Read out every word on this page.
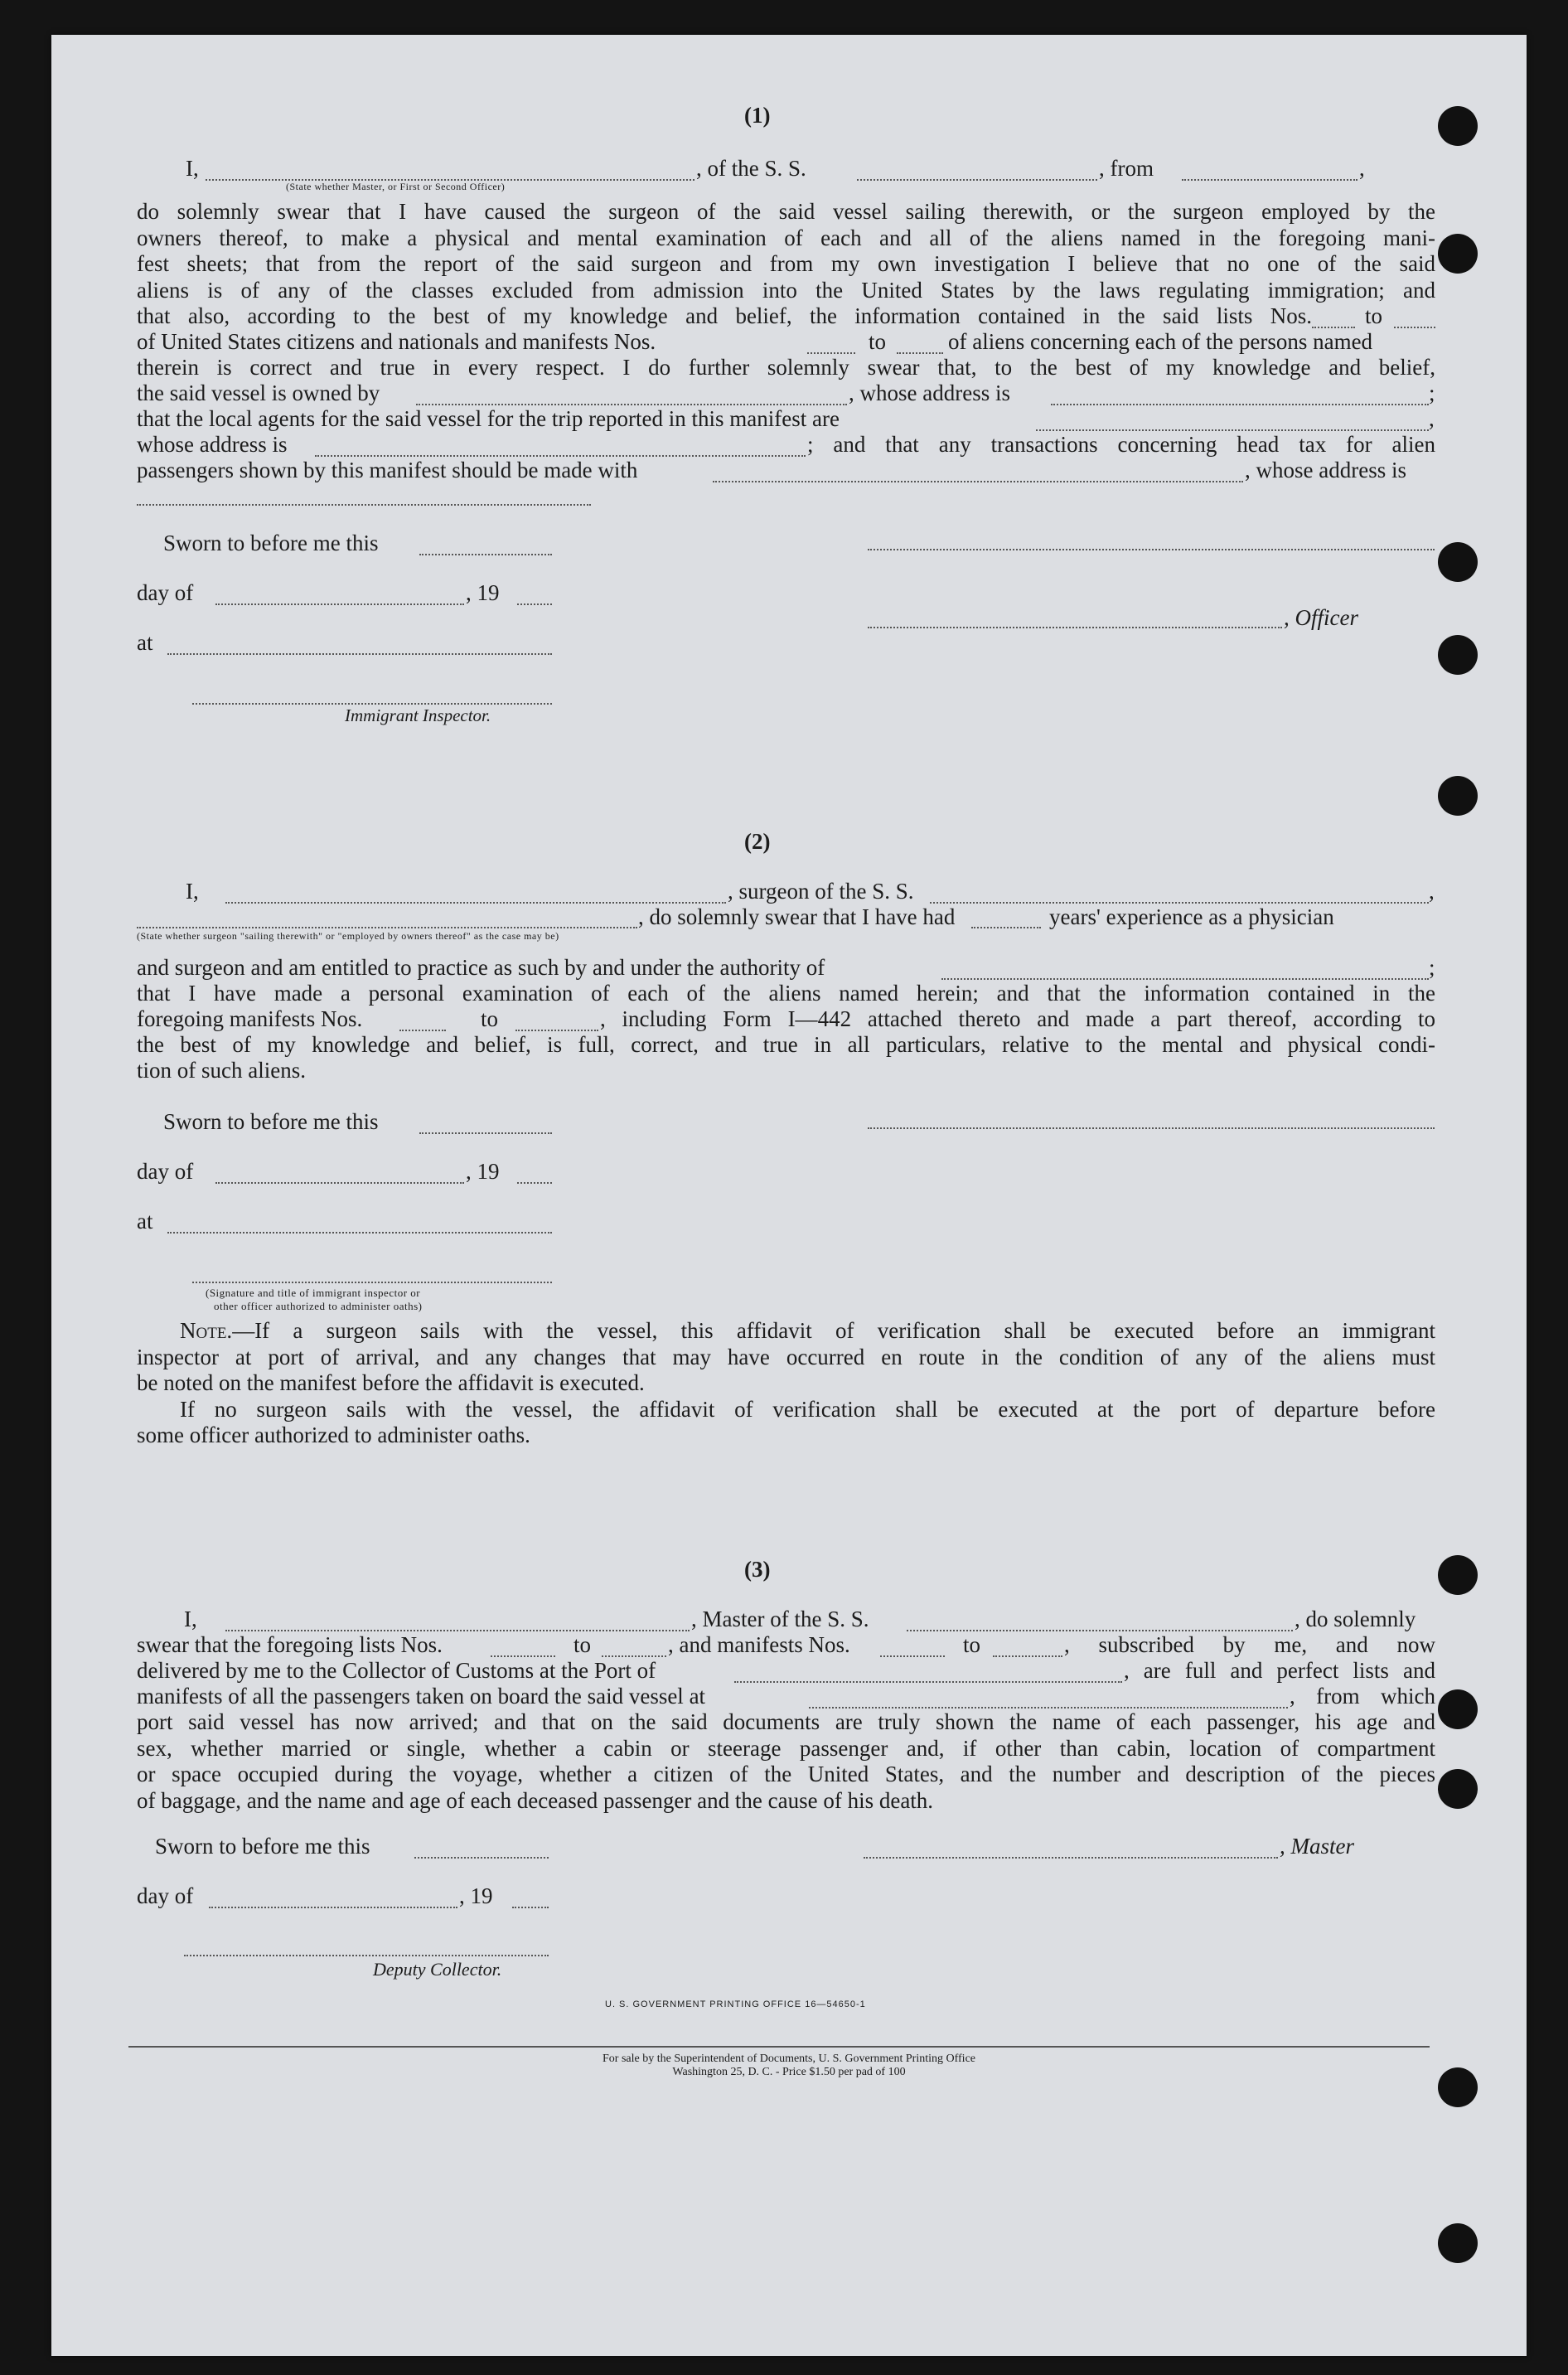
(1)
I,	, of the S. S.	, from	,
(State whether Master, or First or Second Officer)
do solemnly swear that I have caused the surgeon of the said vessel sailing therewith, or the surgeon employed by the
owners thereof, to make a physical and mental examination of each and all of the aliens named in the foregoing mani-
fest sheets; that from the report of the said surgeon and from my own investigation I believe that no one of the said
aliens is of any of the classes excluded from admission into the United States by the laws regulating immigration; and
that also, according to the best of my knowledge and belief, the information contained in the said lists Nos. to
of United States citizens and nationals and manifests Nos.	to	of aliens concerning each of the persons named
therein is correct and true in every respect. I do further solemnly swear that, to the best of my knowledge and belief,
the said vessel is owned by	, whose address is	;
that the local agents for the said vessel for the trip reported in this manifest are	,
whose address is	; and that any transactions concerning head tax for alien
passengers shown by this manifest should be made with	, whose address is
Sworn to before me this
day of	, 19
, Officer
at
Immigrant Inspector.
(2)
I,	, surgeon of the S. S.	,
, do solemnly swear that I have had	years' experience as a physician
(State whether surgeon "sailing therewith" or "employed by owners thereof" as the case may be)
and surgeon and am entitled to practice as such by and under the authority of	;
that I have made a personal examination of each of the aliens named herein; and that the information contained in the
foregoing manifests Nos.	to	, including Form I—442 attached thereto and made a part thereof, according to
the best of my knowledge and belief, is full, correct, and true in all particulars, relative to the mental and physical condi-
tion of such aliens.
Sworn to before me this
day of	, 19
at
(Signature and title of immigrant inspector or
other officer authorized to administer oaths)
Note.—If a surgeon sails with the vessel, this affidavit of verification shall be executed before an immigrant
inspector at port of arrival, and any changes that may have occurred en route in the condition of any of the aliens must
be noted on the manifest before the affidavit is executed.
If no surgeon sails with the vessel, the affidavit of verification shall be executed at the port of departure before
some officer authorized to administer oaths.
(3)
I,	, Master of the S. S.	, do solemnly
swear that the foregoing lists Nos.	to	, and manifests Nos.	to	, subscribed by me, and now
delivered by me to the Collector of Customs at the Port of	, are full and perfect lists and
manifests of all the passengers taken on board the said vessel at	, from which
port said vessel has now arrived; and that on the said documents are truly shown the name of each passenger, his age and
sex, whether married or single, whether a cabin or steerage passenger and, if other than cabin, location of compartment
or space occupied during the voyage, whether a citizen of the United States, and the number and description of the pieces
of baggage, and the name and age of each deceased passenger and the cause of his death.
Sworn to before me this	, Master
day of	, 19
Deputy Collector.
U. S. GOVERNMENT PRINTING OFFICE 16—54650-1
For sale by the Superintendent of Documents, U. S. Government Printing Office
Washington 25, D. C. - Price $1.50 per pad of 100
